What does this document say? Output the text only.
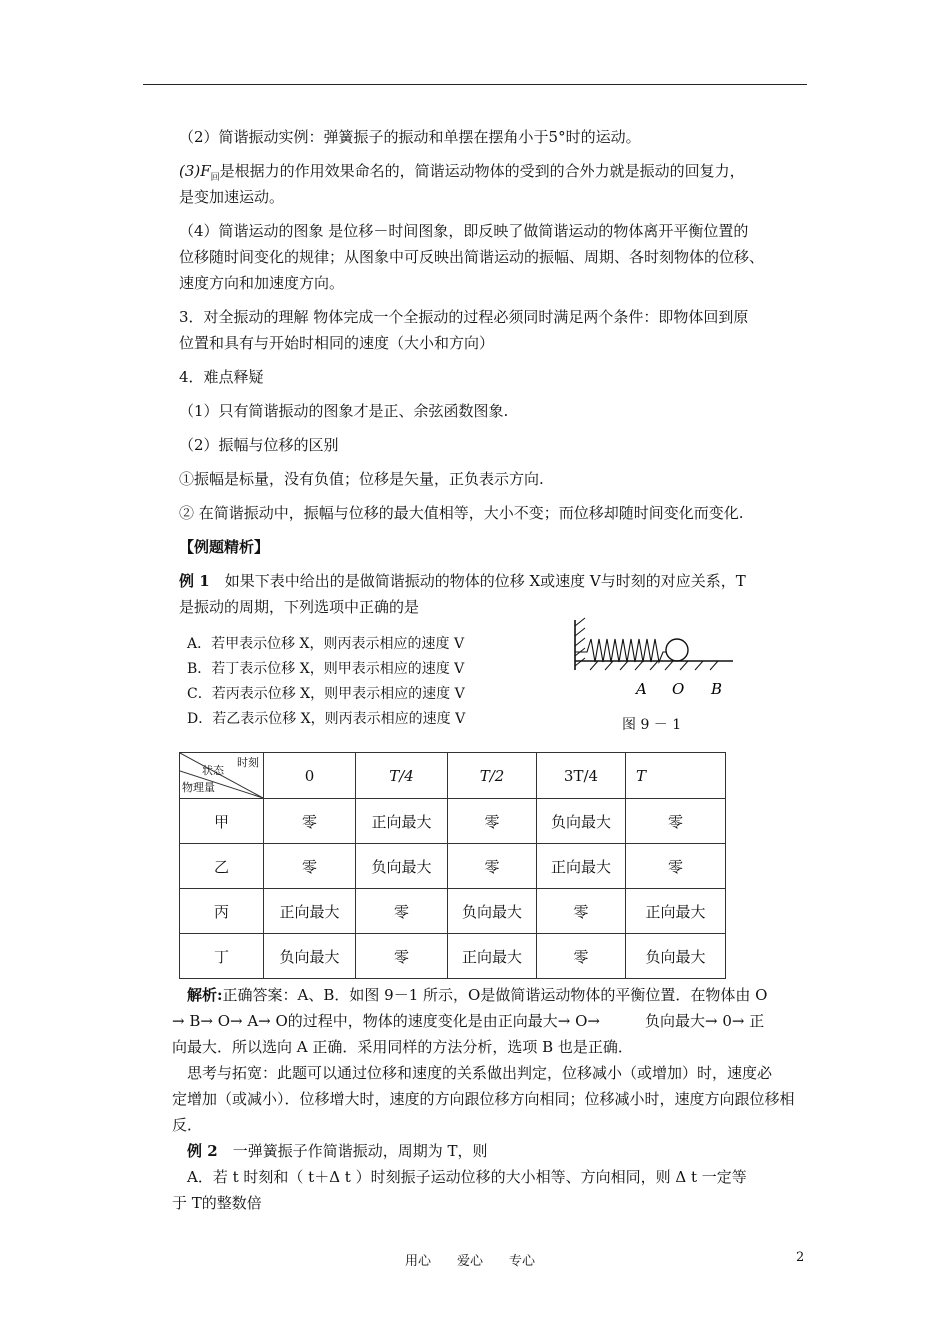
（2）简谐振动实例：弹簧振子的振动和单摆在摆角小于5°时的运动。
$(3)F_回$是根据力的作用效果命名的，简谐运动物体的受到的合外力就是振动的回复力，
是变加速运动。
（4）简谐运动的图象 是位移－时间图象，即反映了做简谐运动的物体离开平衡位置的
位移随时间变化的规律；从图象中可反映出简谐运动的振幅、周期、各时刻物体的位移、
速度方向和加速度方向。
3．对全振动的理解 物体完成一个全振动的过程必须同时满足两个条件：即物体回到原
位置和具有与开始时相同的速度（大小和方向）
4．难点释疑
（1）只有简谐振动的图象才是正、余弦函数图象.
（2）振幅与位移的区别
①振幅是标量，没有负值；位移是矢量，正负表示方向.
② 在简谐振动中，振幅与位移的最大值相等，大小不变；而位移却随时间变化而变化.
【例题精析】
例 1　 如果下表中给出的是做简谐振动的物体的位移 X或速度 V与时刻的对应关系，T
是振动的周期，下列选项中正确的是
A．若甲表示位移 X，则丙表示相应的速度 V
B．若丁表示位移 X，则甲表示相应的速度 V
C．若丙表示位移 X，则甲表示相应的速度 V
D．若乙表示位移 X，则丙表示相应的速度 V
A O B
图 9 － 1
时刻
状态
物理量	0	T/4	T/2	3T/4	T
甲	零	正向最大	零	负向最大	零
乙	零	负向最大	零	正向最大	零
丙	正向最大	零	负向最大	零	正向最大
丁	负向最大	零	正向最大	零	负向最大
解析:正确答案：A、B．如图 9－1 所示，O是做简谐运动物体的平衡位置．在物体由 O
→ B→ O→ A→ O的过程中，物体的速度变化是由正向最大→ O→　　　负向最大→ 0→ 正
向最大．所以选向 A 正确．采用同样的方法分析，选项 B 也是正确．
思考与拓宽：此题可以通过位移和速度的关系做出判定，位移减小（或增加）时，速度必
定增加（或减小）．位移增大时，速度的方向跟位移方向相同；位移减小时，速度方向跟位移相
反．
例 2　 一弹簧振子作简谐振动，周期为 T，则
A．若 t 时刻和（ t＋Δ t ）时刻振子运动位移的大小相等、方向相同，则 Δ t 一定等
于 T的整数倍
用心　　爱心　　专心	2
